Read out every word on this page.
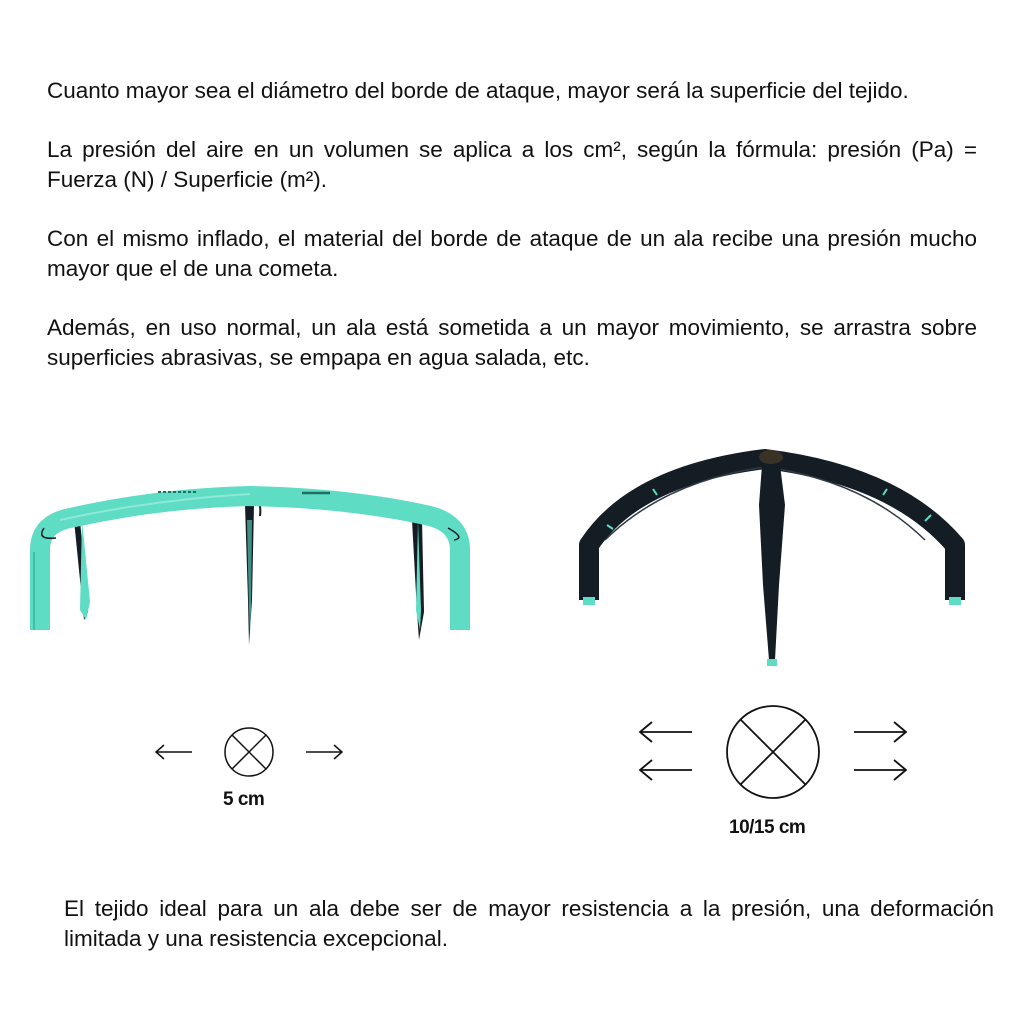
Cuanto mayor sea el diámetro del borde de ataque, mayor será la superficie del tejido.

La presión del aire en un volumen se aplica a los cm², según la fórmula: presión (Pa) = Fuerza (N) / Superficie (m²).

Con el mismo inflado, el material del borde de ataque de un ala recibe una presión mucho mayor que el de una cometa.

Además, en uso normal, un ala está sometida a un mayor movimiento, se arrastra sobre superficies abrasivas, se empapa en agua salada, etc.

5 cm
10/15 cm

El tejido ideal para un ala debe ser de mayor resistencia a la presión, una deformación limitada y una resistencia excepcional.
